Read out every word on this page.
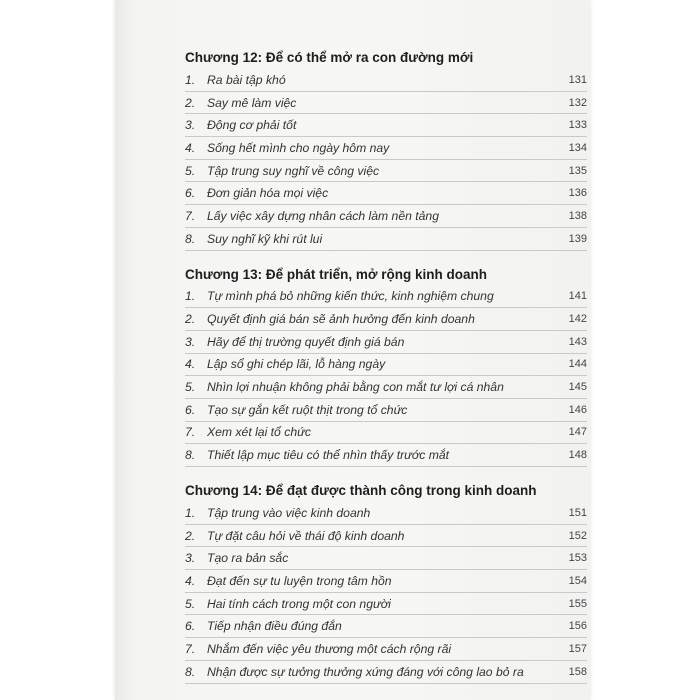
Chương 12: Để có thể mở ra con đường mới
1. Ra bài tập khó	131
2. Say mê làm việc	132
3. Động cơ phải tốt	133
4. Sống hết mình cho ngày hôm nay	134
5. Tập trung suy nghĩ về công việc	135
6. Đơn giản hóa mọi việc	136
7. Lấy việc xây dựng nhân cách làm nền tảng	138
8. Suy nghĩ kỹ khi rút lui	139
Chương 13: Để phát triển, mở rộng kinh doanh
1. Tự mình phá bỏ những kiến thức, kinh nghiệm chung	141
2. Quyết định giá bán sẽ ảnh hưởng đến kinh doanh	142
3. Hãy để thị trường quyết định giá bán	143
4. Lập sổ ghi chép lãi, lỗ hàng ngày	144
5. Nhìn lợi nhuận không phải bằng con mắt tư lợi cá nhân	145
6. Tạo sự gắn kết ruột thịt trong tổ chức	146
7. Xem xét lại tổ chức	147
8. Thiết lập mục tiêu có thể nhìn thấy trước mắt	148
Chương 14: Để đạt được thành công trong kinh doanh
1. Tập trung vào việc kinh doanh	151
2. Tự đặt câu hỏi về thái độ kinh doanh	152
3. Tạo ra bản sắc	153
4. Đạt đến sự tu luyện trong tâm hồn	154
5. Hai tính cách trong một con người	155
6. Tiếp nhận điều đúng đắn	156
7. Nhắm đến việc yêu thương một cách rộng rãi	157
8. Nhận được sự tưởng thưởng xứng đáng với công lao bỏ ra	158
